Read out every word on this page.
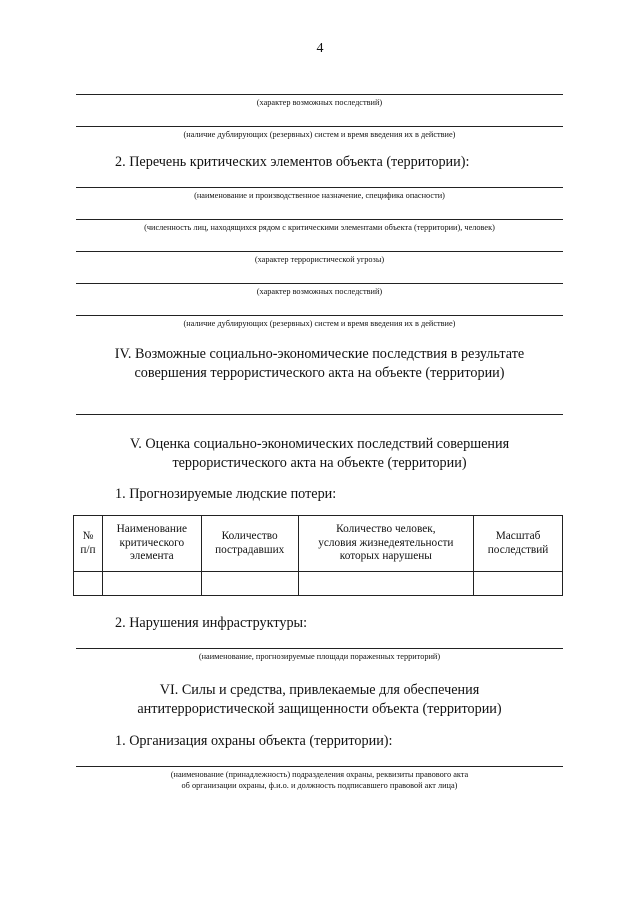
4
(характер возможных последствий)
(наличие дублирующих (резервных) систем и время введения их в действие)
2. Перечень критических элементов объекта (территории):
(наименование и производственное назначение, специфика опасности)
(численность лиц, находящихся рядом с критическими элементами объекта (территории), человек)
(характер террористической угрозы)
(характер возможных последствий)
(наличие дублирующих (резервных) систем и время введения их в действие)
IV. Возможные социально-экономические последствия в результате
совершения террористического акта на объекте (территории)
V. Оценка социально-экономических последствий совершения
террористического акта на объекте (территории)
1. Прогнозируемые людские потери:
№
п/п	Наименование
критического
элемента	Количество
пострадавших	Количество человек,
условия жизнедеятельности
которых нарушены	Масштаб
последствий

2. Нарушения инфраструктуры:
(наименование, прогнозируемые площади пораженных территорий)
VI. Силы и средства, привлекаемые для обеспечения
антитеррористической защищенности объекта (территории)
1. Организация охраны объекта (территории):
(наименование (принадлежность) подразделения охраны, реквизиты правового акта
об организации охраны, ф.и.о. и должность подписавшего правовой акт лица)
